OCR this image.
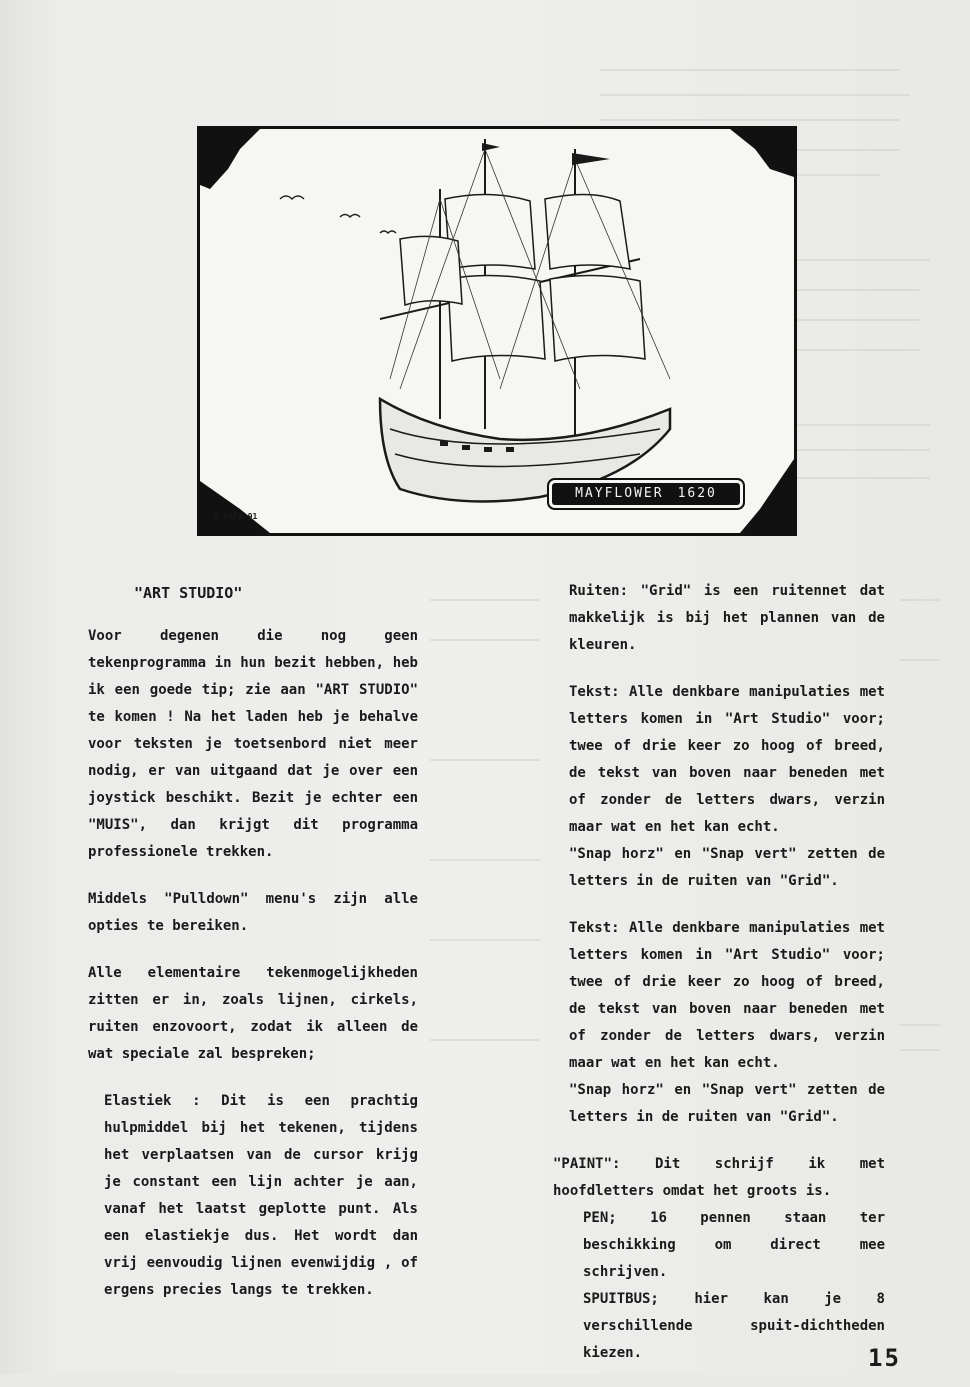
MAYFLOWER 1620
E.MAFI 91
"ART STUDIO"
Voor degenen die nog geen tekenprogramma in hun bezit hebben, heb ik een goede tip; zie aan "ART STUDIO" te komen ! Na het laden heb je behalve voor teksten je toetsenbord niet meer nodig, er van uitgaand dat je over een joystick beschikt. Bezit je echter een "MUIS", dan krijgt dit programma professionele trekken.
Middels "Pulldown" menu's zijn alle opties te bereiken.
Alle elementaire tekenmogelijkheden zitten er in, zoals lijnen, cirkels, ruiten enzovoort, zodat ik alleen de wat speciale zal bespreken;
Elastiek : Dit is een prachtig hulpmiddel bij het tekenen, tijdens het verplaatsen van de cursor krijg je constant een lijn achter je aan, vanaf het laatst geplotte punt. Als een elastiekje dus. Het wordt dan vrij eenvoudig lijnen evenwijdig , of ergens precies langs te trekken.
Ruiten: "Grid" is een ruitennet dat makkelijk is bij het plannen van de kleuren.
Tekst: Alle denkbare manipulaties met letters komen in "Art Studio" voor; twee of drie keer zo hoog of breed, de tekst van boven naar beneden met of zonder de letters dwars, verzin maar wat en het kan echt.
"Snap horz" en "Snap vert" zetten de letters in de ruiten van "Grid".
Tekst: Alle denkbare manipulaties met letters komen in "Art Studio" voor; twee of drie keer zo hoog of breed, de tekst van boven naar beneden met of zonder de letters dwars, verzin maar wat en het kan echt.
"Snap horz" en "Snap vert" zetten de letters in de ruiten van "Grid".
"PAINT": Dit schrijf ik met hoofdletters omdat het groots is.
PEN; 16 pennen staan ter beschikking om direct mee schrijven.
SPUITBUS; hier kan je 8 verschillende spuit-dichtheden kiezen.	15
